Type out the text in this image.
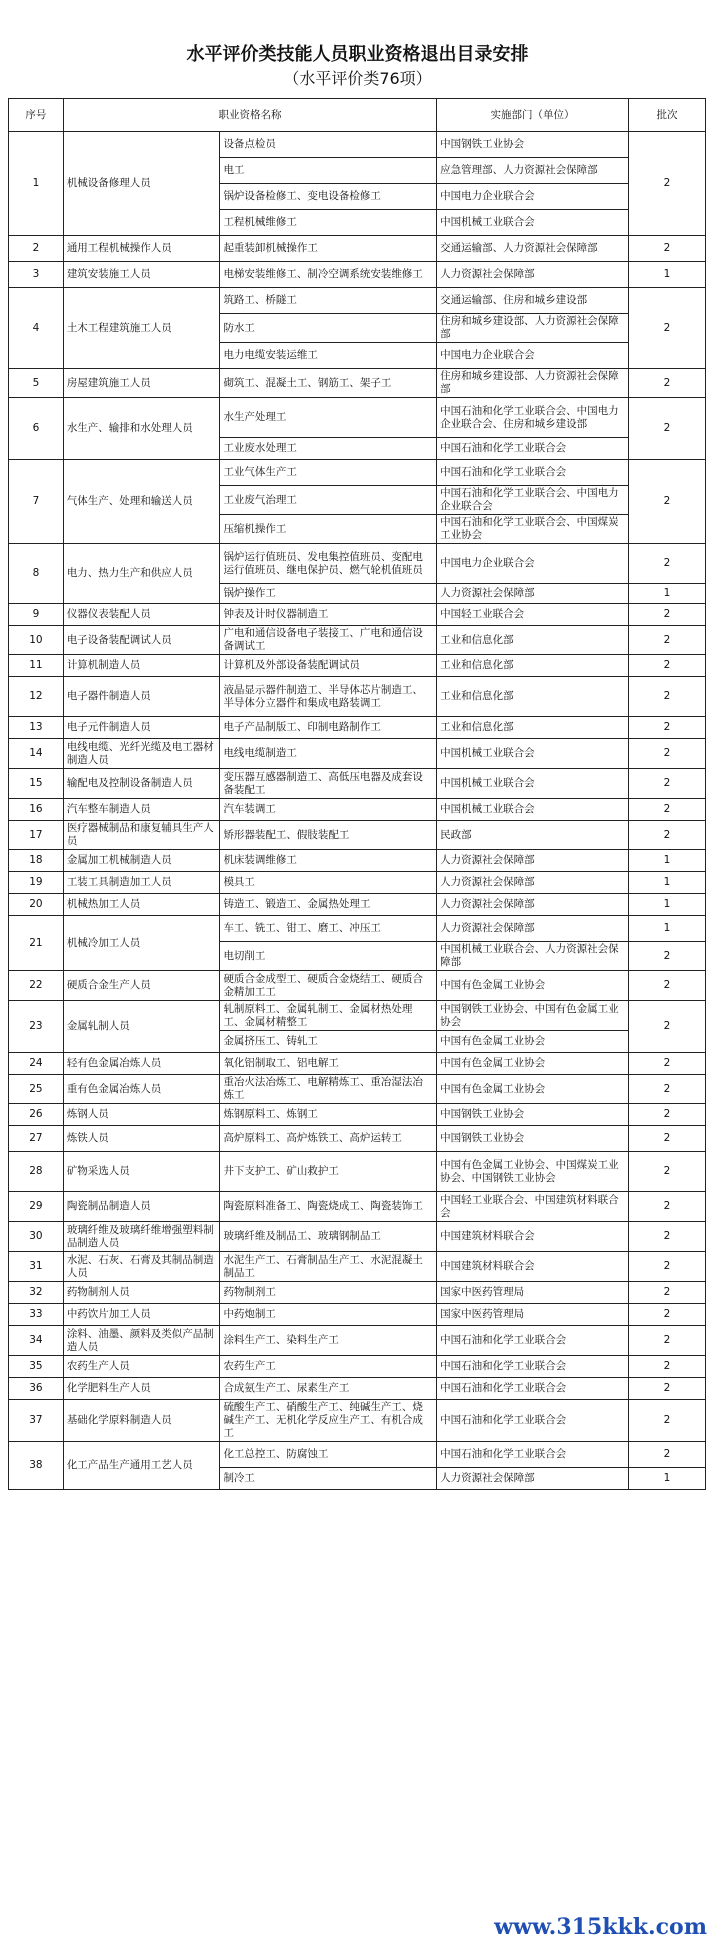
水平评价类技能人员职业资格退出目录安排
（水平评价类76项）
序号	职业资格名称		实施部门（单位）	批次
1	机械设备修理人员	设备点检员	中国钢铁工业协会	2
		电工	应急管理部、人力资源社会保障部	
		锅炉设备检修工、变电设备检修工	中国电力企业联合会	
		工程机械维修工	中国机械工业联合会	
2	通用工程机械操作人员	起重装卸机械操作工	交通运输部、人力资源社会保障部	2
3	建筑安装施工人员	电梯安装维修工、制冷空调系统安装维修工	人力资源社会保障部	1
4	土木工程建筑施工人员	筑路工、桥隧工	交通运输部、住房和城乡建设部	2
		防水工	住房和城乡建设部、人力资源社会保障部	
		电力电缆安装运维工	中国电力企业联合会	
5	房屋建筑施工人员	砌筑工、混凝土工、钢筋工、架子工	住房和城乡建设部、人力资源社会保障部	2
6	水生产、输排和水处理人员	水生产处理工	中国石油和化学工业联合会、中国电力企业联合会、住房和城乡建设部	2
		工业废水处理工	中国石油和化学工业联合会	
7	气体生产、处理和输送人员	工业气体生产工	中国石油和化学工业联合会	2
		工业废气治理工	中国石油和化学工业联合会、中国电力企业联合会	
		压缩机操作工	中国石油和化学工业联合会、中国煤炭工业协会	
8	电力、热力生产和供应人员	锅炉运行值班员、发电集控值班员、变配电运行值班员、继电保护员、燃气轮机值班员	中国电力企业联合会	2
		锅炉操作工	人力资源社会保障部	1
9	仪器仪表装配人员	钟表及计时仪器制造工	中国轻工业联合会	2
10	电子设备装配调试人员	广电和通信设备电子装接工、广电和通信设备调试工	工业和信息化部	2
11	计算机制造人员	计算机及外部设备装配调试员	工业和信息化部	2
12	电子器件制造人员	液晶显示器件制造工、半导体芯片制造工、半导体分立器件和集成电路装调工	工业和信息化部	2
13	电子元件制造人员	电子产品制版工、印制电路制作工	工业和信息化部	2
14	电线电缆、光纤光缆及电工器材制造人员	电线电缆制造工	中国机械工业联合会	2
15	输配电及控制设备制造人员	变压器互感器制造工、高低压电器及成套设备装配工	中国机械工业联合会	2
16	汽车整车制造人员	汽车装调工	中国机械工业联合会	2
17	医疗器械制品和康复辅具生产人员	矫形器装配工、假肢装配工	民政部	2
18	金属加工机械制造人员	机床装调维修工	人力资源社会保障部	1
19	工装工具制造加工人员	模具工	人力资源社会保障部	1
20	机械热加工人员	铸造工、锻造工、金属热处理工	人力资源社会保障部	1
21	机械冷加工人员	车工、铣工、钳工、磨工、冲压工	人力资源社会保障部	1
		电切削工	中国机械工业联合会、人力资源社会保障部	2
22	硬质合金生产人员	硬质合金成型工、硬质合金烧结工、硬质合金精加工工	中国有色金属工业协会	2
23	金属轧制人员	轧制原料工、金属轧制工、金属材热处理工、金属材精整工	中国钢铁工业协会、中国有色金属工业协会	2
		金属挤压工、铸轧工	中国有色金属工业协会	
24	轻有色金属冶炼人员	氧化铝制取工、铝电解工	中国有色金属工业协会	2
25	重有色金属冶炼人员	重冶火法冶炼工、电解精炼工、重冶湿法冶炼工	中国有色金属工业协会	2
26	炼钢人员	炼钢原料工、炼钢工	中国钢铁工业协会	2
27	炼铁人员	高炉原料工、高炉炼铁工、高炉运转工	中国钢铁工业协会	2
28	矿物采选人员	井下支护工、矿山救护工	中国有色金属工业协会、中国煤炭工业协会、中国钢铁工业协会	2
29	陶瓷制品制造人员	陶瓷原料准备工、陶瓷烧成工、陶瓷装饰工	中国轻工业联合会、中国建筑材料联合会	2
30	玻璃纤维及玻璃纤维增强塑料制品制造人员	玻璃纤维及制品工、玻璃钢制品工	中国建筑材料联合会	2
31	水泥、石灰、石膏及其制品制造人员	水泥生产工、石膏制品生产工、水泥混凝土制品工	中国建筑材料联合会	2
32	药物制剂人员	药物制剂工	国家中医药管理局	2
33	中药饮片加工人员	中药炮制工	国家中医药管理局	2
34	涂料、油墨、颜料及类似产品制造人员	涂料生产工、染料生产工	中国石油和化学工业联合会	2
35	农药生产人员	农药生产工	中国石油和化学工业联合会	2
36	化学肥料生产人员	合成氨生产工、尿素生产工	中国石油和化学工业联合会	2
37	基础化学原料制造人员	硫酸生产工、硝酸生产工、纯碱生产工、烧碱生产工、无机化学反应生产工、有机合成工	中国石油和化学工业联合会	2
38	化工产品生产通用工艺人员	化工总控工、防腐蚀工	中国石油和化学工业联合会	2
		制冷工	人力资源社会保障部	1
www.315kkk.com
